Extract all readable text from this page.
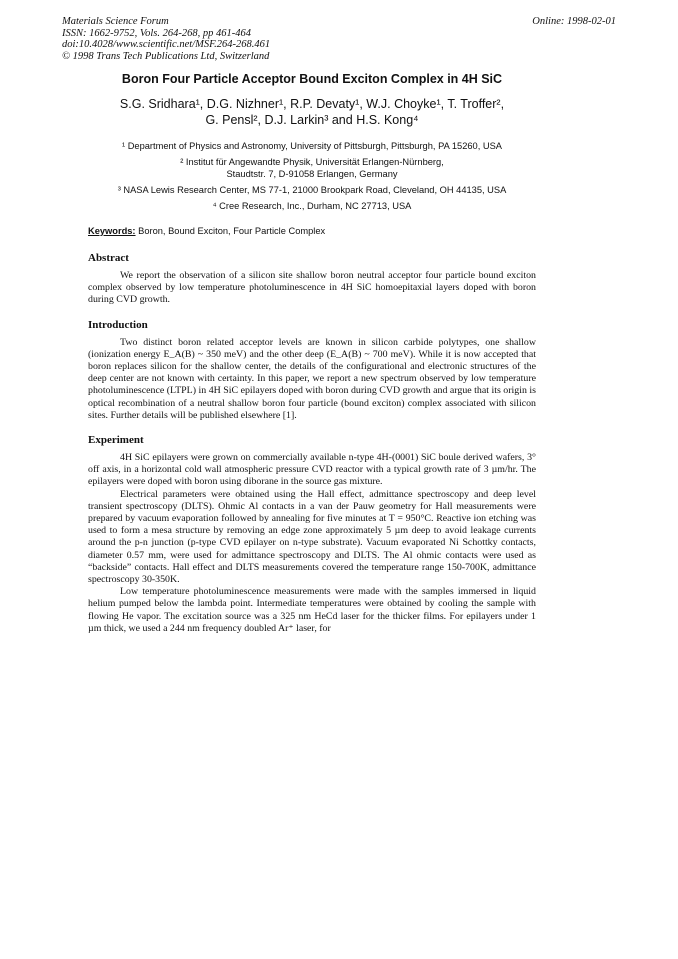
Materials Science Forum
ISSN: 1662-9752, Vols. 264-268, pp 461-464
doi:10.4028/www.scientific.net/MSF.264-268.461
© 1998 Trans Tech Publications Ltd, Switzerland
Online: 1998-02-01
Boron Four Particle Acceptor Bound Exciton Complex in 4H SiC
S.G. Sridhara¹, D.G. Nizhner¹, R.P. Devaty¹, W.J. Choyke¹, T. Troffer²,
G. Pensl², D.J. Larkin³ and H.S. Kong⁴
¹ Department of Physics and Astronomy, University of Pittsburgh, Pittsburgh, PA 15260, USA
² Institut für Angewandte Physik, Universität Erlangen-Nürnberg,
Staudtstr. 7, D-91058 Erlangen, Germany
³ NASA Lewis Research Center, MS 77-1, 21000 Brookpark Road, Cleveland, OH 44135, USA
⁴ Cree Research, Inc., Durham, NC 27713, USA
Keywords: Boron, Bound Exciton, Four Particle Complex
Abstract

We report the observation of a silicon site shallow boron neutral acceptor four particle bound exciton complex observed by low temperature photoluminescence in 4H SiC homoepitaxial layers doped with boron during CVD growth.

Introduction

Two distinct boron related acceptor levels are known in silicon carbide polytypes, one shallow (ionization energy E_A(B) ~ 350 meV) and the other deep (E_A(B) ~ 700 meV). While it is now accepted that boron replaces silicon for the shallow center, the details of the configurational and electronic structures of the deep center are not known with certainty. In this paper, we report a new spectrum observed by low temperature photoluminescence (LTPL) in 4H SiC epilayers doped with boron during CVD growth and argue that its origin is optical recombination of a neutral shallow boron four particle (bound exciton) complex associated with silicon sites. Further details will be published elsewhere [1].

Experiment

4H SiC epilayers were grown on commercially available n-type 4H-(0001) SiC boule derived wafers, 3° off axis, in a horizontal cold wall atmospheric pressure CVD reactor with a typical growth rate of 3 µm/hr. The epilayers were doped with boron using diborane in the source gas mixture.

Electrical parameters were obtained using the Hall effect, admittance spectroscopy and deep level transient spectroscopy (DLTS). Ohmic Al contacts in a van der Pauw geometry for Hall measurements were prepared by vacuum evaporation followed by annealing for five minutes at T = 950°C. Reactive ion etching was used to form a mesa structure by removing an edge zone approximately 5 µm deep to avoid leakage currents around the p-n junction (p-type CVD epilayer on n-type substrate). Vacuum evaporated Ni Schottky contacts, diameter 0.57 mm, were used for admittance spectroscopy and DLTS. The Al ohmic contacts were used as “backside” contacts. Hall effect and DLTS measurements covered the temperature range 150-700K, admittance spectroscopy 30-350K.

Low temperature photoluminescence measurements were made with the samples immersed in liquid helium pumped below the lambda point. Intermediate temperatures were obtained by cooling the sample with flowing He vapor. The excitation source was a 325 nm HeCd laser for the thicker films. For epilayers under 1 µm thick, we used a 244 nm frequency doubled Ar⁺ laser, for
